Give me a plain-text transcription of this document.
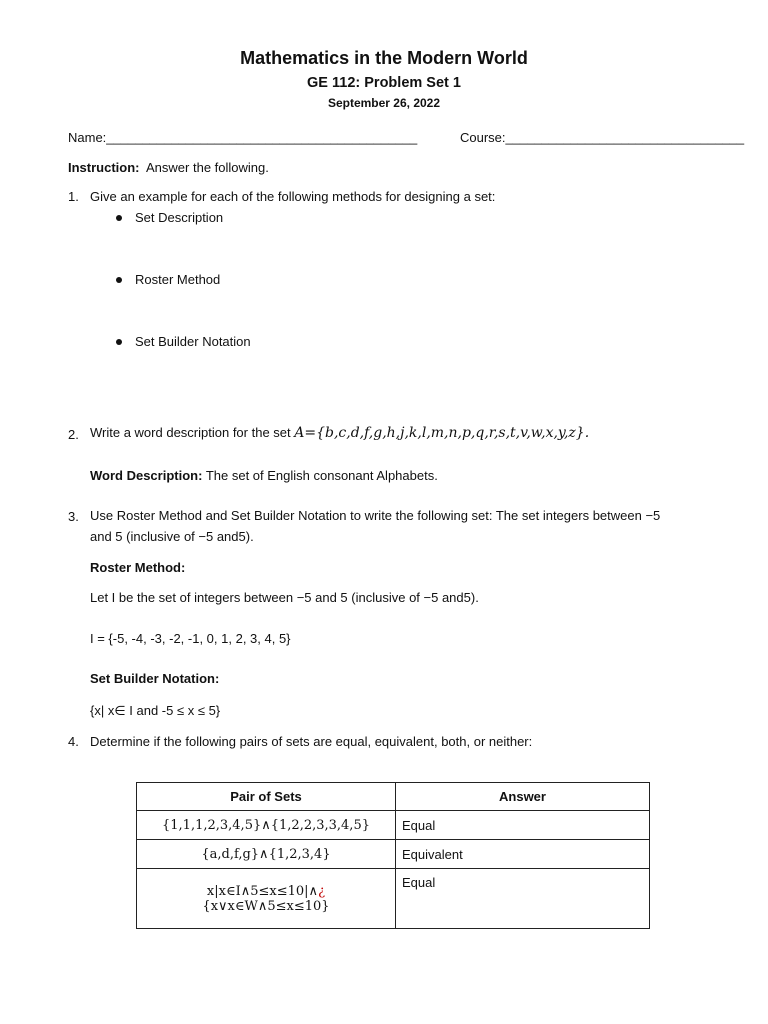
Mathematics in the Modern World
GE 112: Problem Set 1
September 26, 2022
Name:___________________________________________	Course:_________________________________
Instruction: Answer the following.
1. Give an example for each of the following methods for designing a set:
Set Description
Roster Method
Set Builder Notation
2. Write a word description for the set A={b,c,d,f,g,h,j,k,l,m,n,p,q,r,s,t,v,w,x,y,z}.
Word Description: The set of English consonant Alphabets.
3. Use Roster Method and Set Builder Notation to write the following set: The set integers between −5
and 5 (inclusive of −5 and5).
Roster Method:
Let I be the set of integers between −5 and 5 (inclusive of −5 and5).
I = {-5, -4, -3, -2, -1, 0, 1, 2, 3, 4, 5}
Set Builder Notation:
{x| x∈ I and -5 ≤ x ≤ 5}
4. Determine if the following pairs of sets are equal, equivalent, both, or neither:
Pair of Sets	Answer
{1,1,1,2,3,4,5}∧{1,2,2,3,3,4,5}	Equal
{a,d,f,g}∧{1,2,3,4}	Equivalent

x|x∈I∧5≤x≤10|∧¿
{x∨x∈W∧5≤x≤10}	Equal
